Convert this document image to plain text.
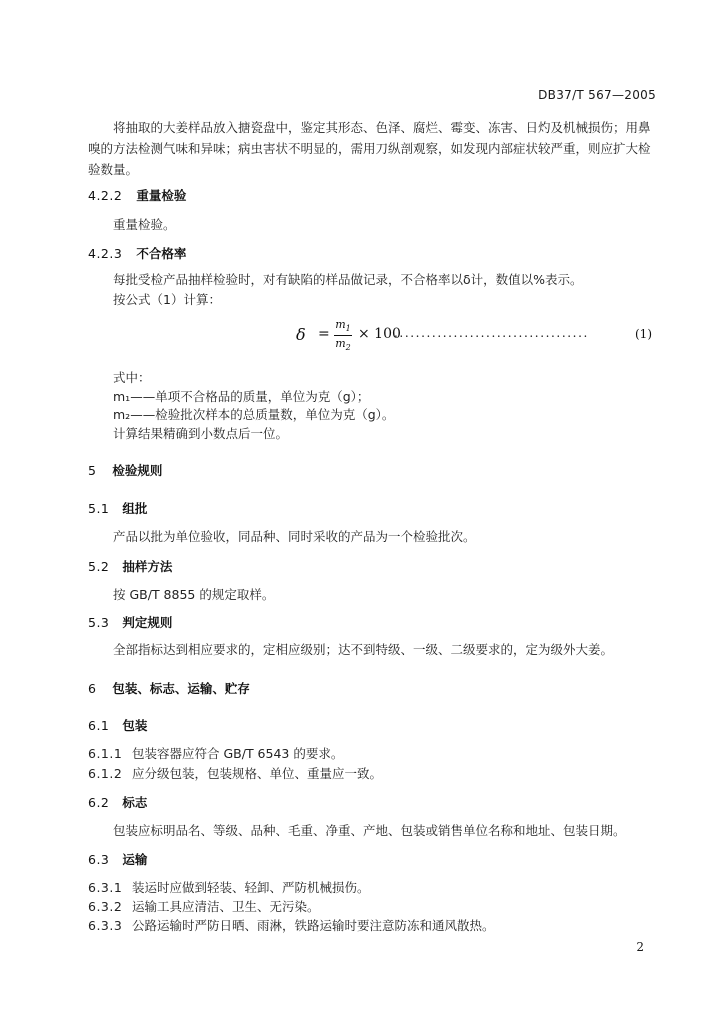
DB37/T 567—2005
将抽取的大姜样品放入搪瓷盘中，鉴定其形态、色泽、腐烂、霉变、冻害、日灼及机械损伤；用鼻嗅的方法检测气味和异味；病虫害状不明显的，需用刀纵剖观察，如发现内部症状较严重，则应扩大检验数量。
4.2.2 重量检验
重量检验。
4.2.3 不合格率
每批受检产品抽样检验时，对有缺陷的样品做记录，不合格率以δ计，数值以%表示。
按公式（1）计算：
δ =
$m_1$
$m_2$
× 100
....................................	(1)
式中：
m₁——单项不合格品的质量，单位为克（g）；
m₂——检验批次样本的总质量数，单位为克（g）。
计算结果精确到小数点后一位。
5 检验规则
5.1 组批
产品以批为单位验收，同品种、同时采收的产品为一个检验批次。
5.2 抽样方法
按 GB/T 8855 的规定取样。
5.3 判定规则
全部指标达到相应要求的，定相应级别；达不到特级、一级、二级要求的，定为级外大姜。
6 包装、标志、运输、贮存
6.1 包装
6.1.1 包装容器应符合 GB/T 6543 的要求。
6.1.2 应分级包装，包装规格、单位、重量应一致。
6.2 标志
包装应标明品名、等级、品种、毛重、净重、产地、包装或销售单位名称和地址、包装日期。
6.3 运输
6.3.1 装运时应做到轻装、轻卸、严防机械损伤。
6.3.2 运输工具应清洁、卫生、无污染。
6.3.3 公路运输时严防日晒、雨淋，铁路运输时要注意防冻和通风散热。
2
